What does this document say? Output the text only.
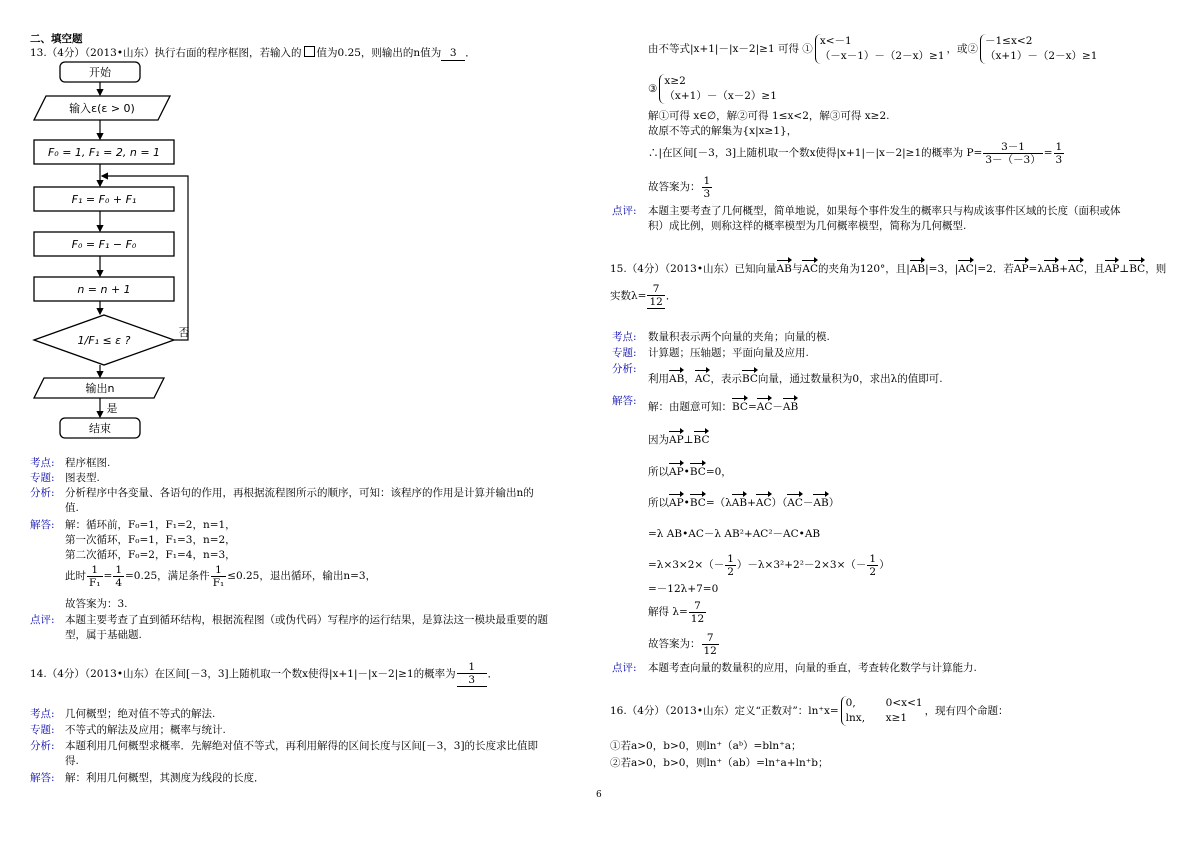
二、填空题
13.（4分）（2013•山东）执行右面的程序框图，若输入的 值为0.25，则输出的n值为 3 ．
开始
输入ε(ε > 0)
F₀ = 1, F₁ = 2, n = 1
F₁ = F₀ + F₁
F₀ = F₁ − F₀
n = n + 1
1/F₁ ≤ ε ?
否
输出n
是
结束
考点: 程序框图.
专题: 图表型.
分析: 分析程序中各变量、各语句的作用，再根据流程图所示的顺序，可知：该程序的作用是计算并输出n的
值.
解答: 解：循环前，F₀=1，F₁=2，n=1，
第一次循环，F₀=1，F₁=3，n=2，
第二次循环，F₀=2，F₁=4，n=3，
此时 $\frac{1}{\text{F₁}} = \frac{1}{4} =0.25$，满足条件 $\frac{1}{\text{F₁}} \le 0.25$，退出循环，输出n=3，
故答案为：3.
点评: 本题主要考查了直到循环结构，根据流程图（或伪代码）写程序的运行结果，是算法这一模块最重要的题
型，属于基础题.
14.（4分）（2013•山东）在区间[－3，3]上随机取一个数x使得|x+1|－|x－2|≥1的概率为 $\frac{1}{3}$ ．
考点: 几何概型；绝对值不等式的解法.
专题: 不等式的解法及应用；概率与统计.
分析: 本题利用几何概型求概率．先解绝对值不等式，再利用解得的区间长度与区间[－3，3]的长度求比值即
得.
解答: 解：利用几何概型，其测度为线段的长度．
由不等式|x+1|－|x－2|≥1 可得 ①
x<－1
（－x－1）－（2－x）≥1
，或②
－1≤x<2
（x+1）－（2－x）≥1
③
x≥2
（x+1）－（x－2）≥1
解①可得 x∈∅，解②可得 1≤x<2，解③可得 x≥2.
故原不等式的解集为{x|x≥1}，
∴|在区间[－3，3]上随机取一个数x使得|x+1|－|x－2|≥1的概率为 $P= \frac{3-1}{3-(-3)} = \frac{1}{3}$
故答案为： $\frac{1}{3}$
点评: 本题主要考查了几何概型，简单地说，如果每个事件发生的概率只与构成该事件区域的长度（面积或体
积）成比例，则称这样的概率模型为几何概率模型，简称为几何概型.
15.（4分）（2013•山东）已知向量AB与AC的夹角为120°，且|AB|=3，|AC|=2．若AP=λAB+AC，且AP⊥BC，则
实数$\lambda= \frac{7}{12}$ ．
考点: 数量积表示两个向量的夹角；向量的模.
专题: 计算题；压轴题；平面向量及应用.
分析:
利用AB，AC，表示BC向量，通过数量积为0，求出λ的值即可.
解答: 解：由题意可知：BC=AC－AB
因为AP⊥BC
所以AP•BC=0，
所以AP•BC=（λAB+AC）（AC－AB）
=λ AB•AC－λ AB²+AC²－AC•AB
$=\lambda\times 3\times 2\times(- \frac{1}{2} )-\lambda\times 3^2+2^2-2\times 3\times(- \frac{1}{2}$ ）
=－12λ+7=0
解得 $\lambda= \frac{7}{12}$
故答案为： $\frac{7}{12}$
点评: 本题考查向量的数量积的应用，向量的垂直，考查转化数学与计算能力.
16.（4分）（2013•山东）定义“正数对”：ln⁺x=
0,	0<x<1
lnx, x≥1
，现有四个命题：
①若a>0，b>0，则ln⁺（aᵇ）=bln⁺a；
②若a>0，b>0，则ln⁺（ab）=ln⁺a+ln⁺b；
6
